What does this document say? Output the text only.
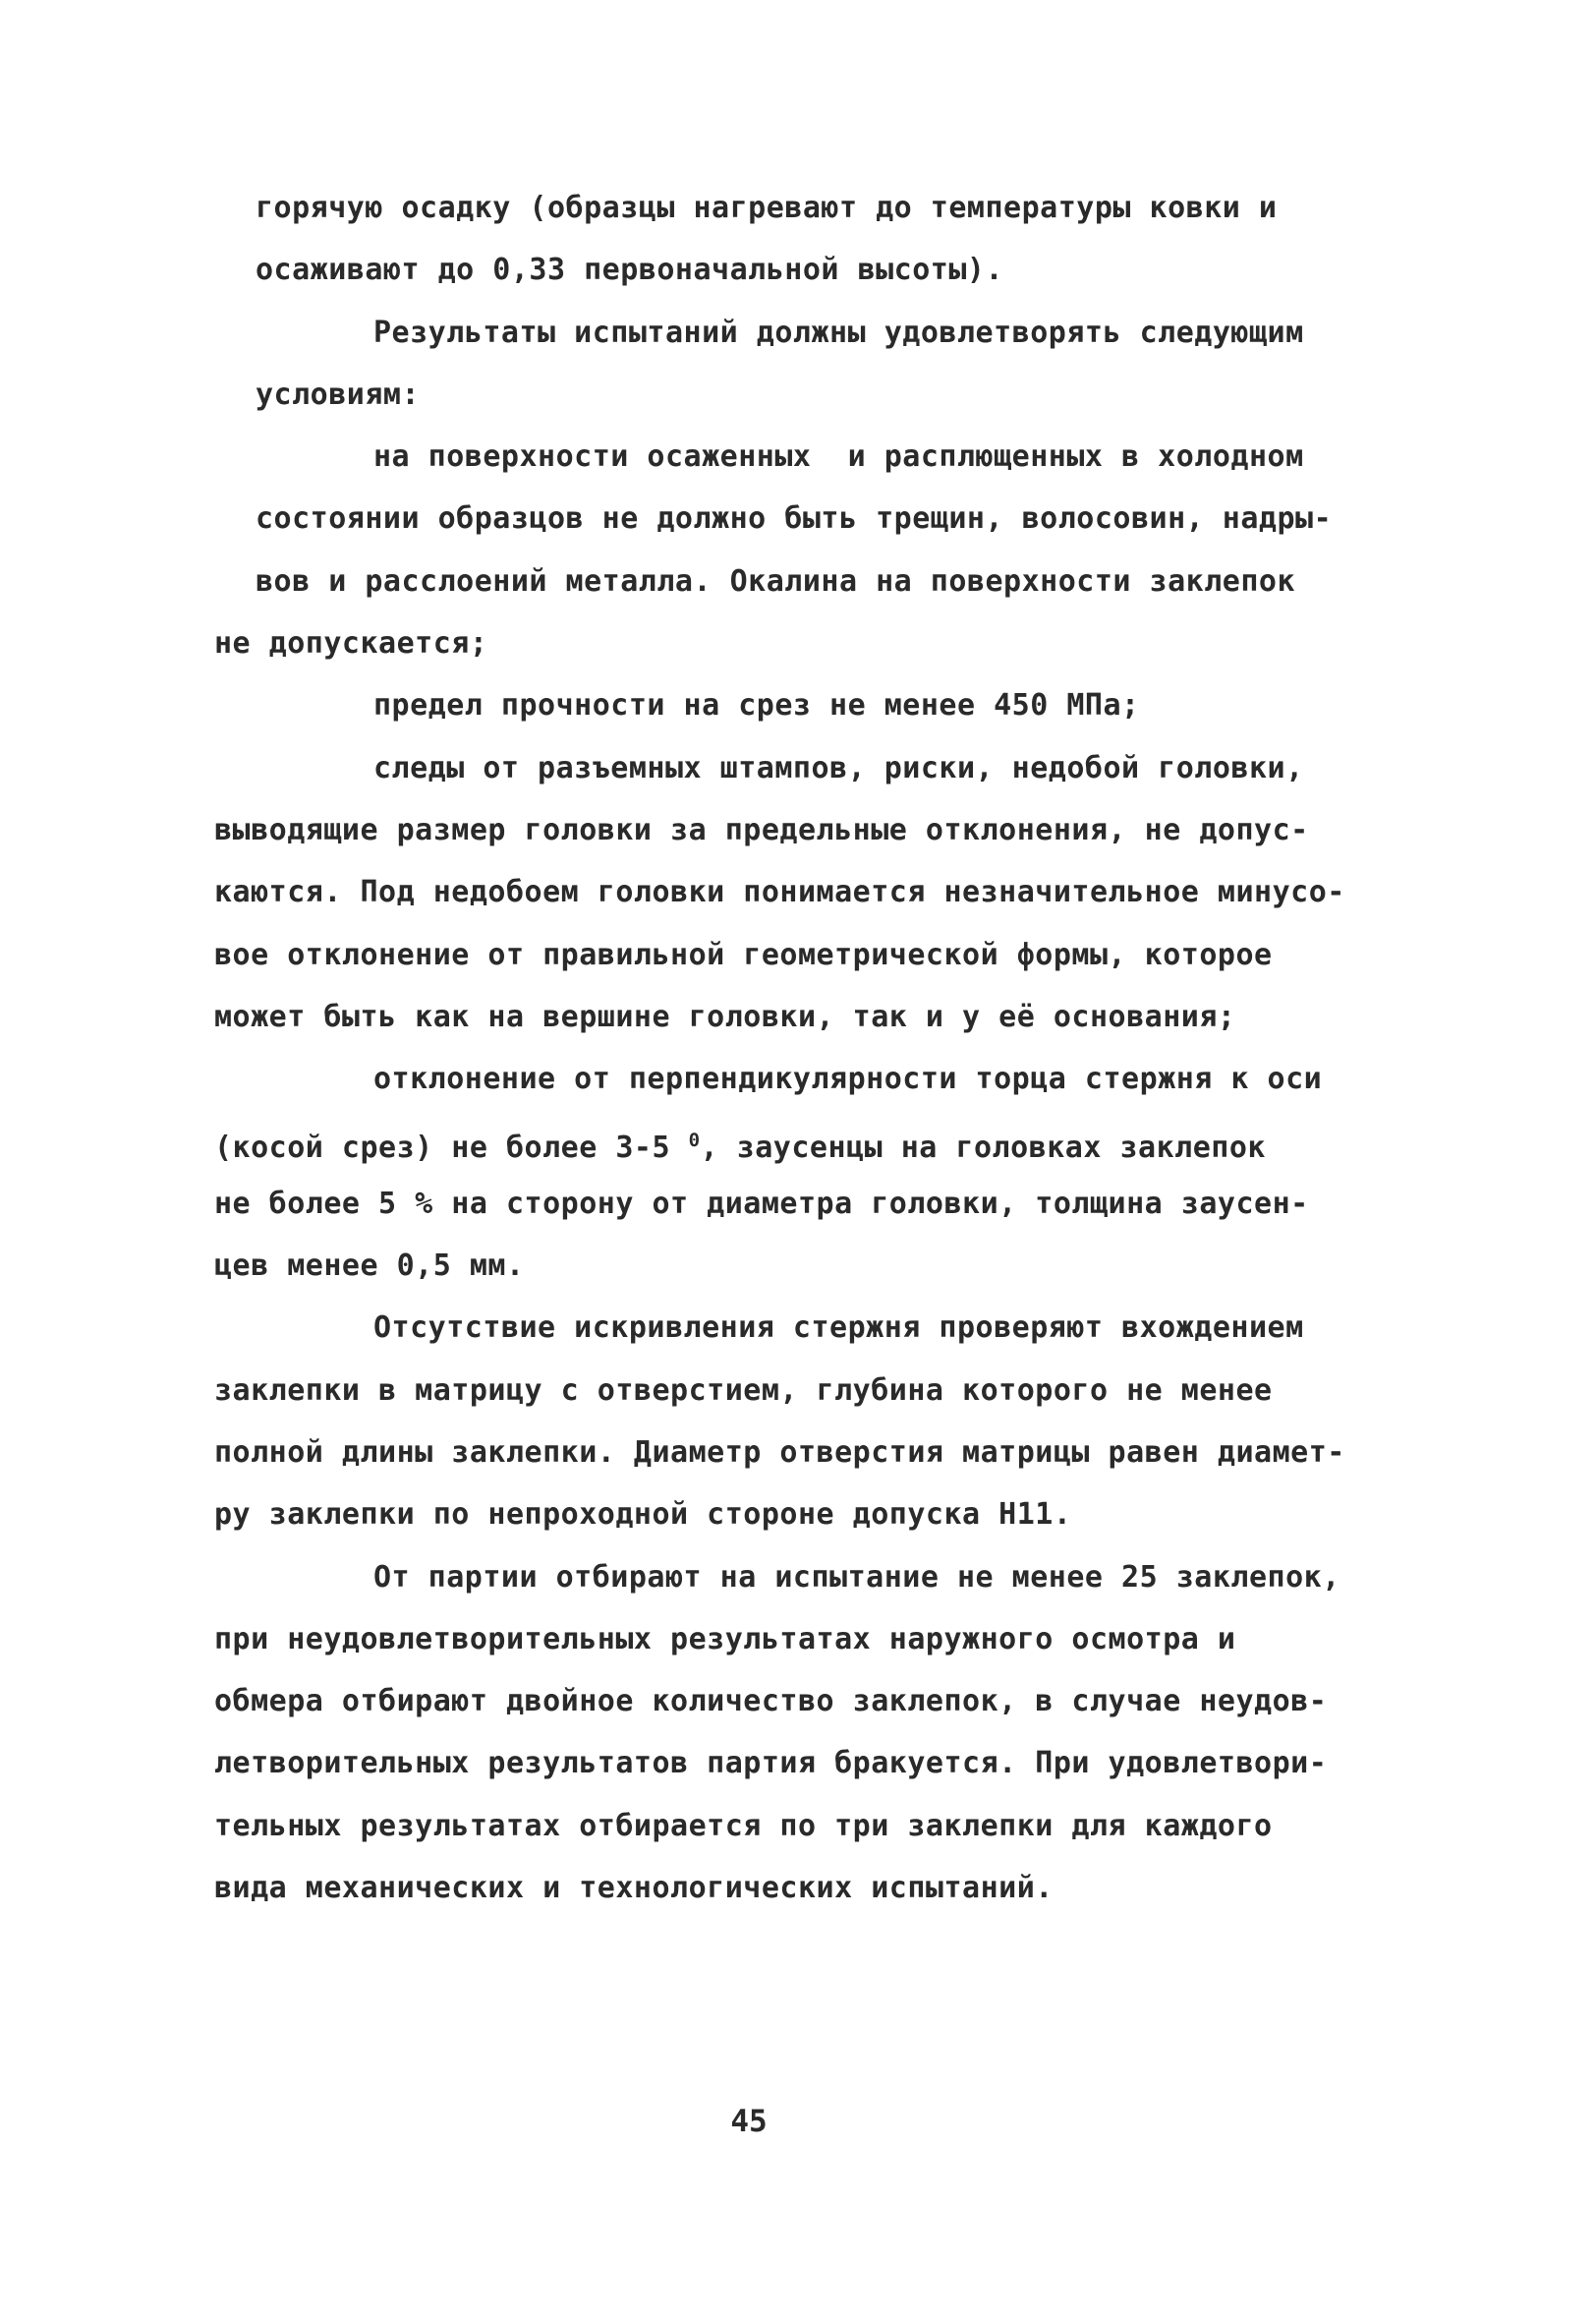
горячую осадку (образцы нагревают до температуры ковки и
осаживают до 0,33 первоначальной высоты).
Результаты испытаний должны удовлетворять следующим
условиям:
на поверхности осаженных  и расплющенных в холодном
состоянии образцов не должно быть трещин, волосовин, надры-
вов и расслоений металла. Окалина на поверхности заклепок
не допускается;
предел прочности на срез не менее 450 МПа;
следы от разъемных штампов, риски, недобой головки,
выводящие размер головки за предельные отклонения, не допус-
каются. Под недобоем головки понимается незначительное минусо-
вое отклонение от правильной геометрической формы, которое
может быть как на вершине головки, так и у её основания;
отклонение от перпендикулярности торца стержня к оси
(косой срез) не более 3-5 $^0$, заусенцы на головках заклепок
не более 5 % на сторону от диаметра головки, толщина заусен-
цев менее 0,5 мм.
Отсутствие искривления стержня проверяют вхождением
заклепки в матрицу с отверстием, глубина которого не менее
полной длины заклепки. Диаметр отверстия матрицы равен диамет-
ру заклепки по непроходной стороне допуска Н11.
От партии отбирают на испытание не менее 25 заклепок,
при неудовлетворительных результатах наружного осмотра и
обмера отбирают двойное количество заклепок, в случае неудов-
летворительных результатов партия бракуется. При удовлетвори-
тельных результатах отбирается по три заклепки для каждого
вида механических и технологических испытаний.
45
